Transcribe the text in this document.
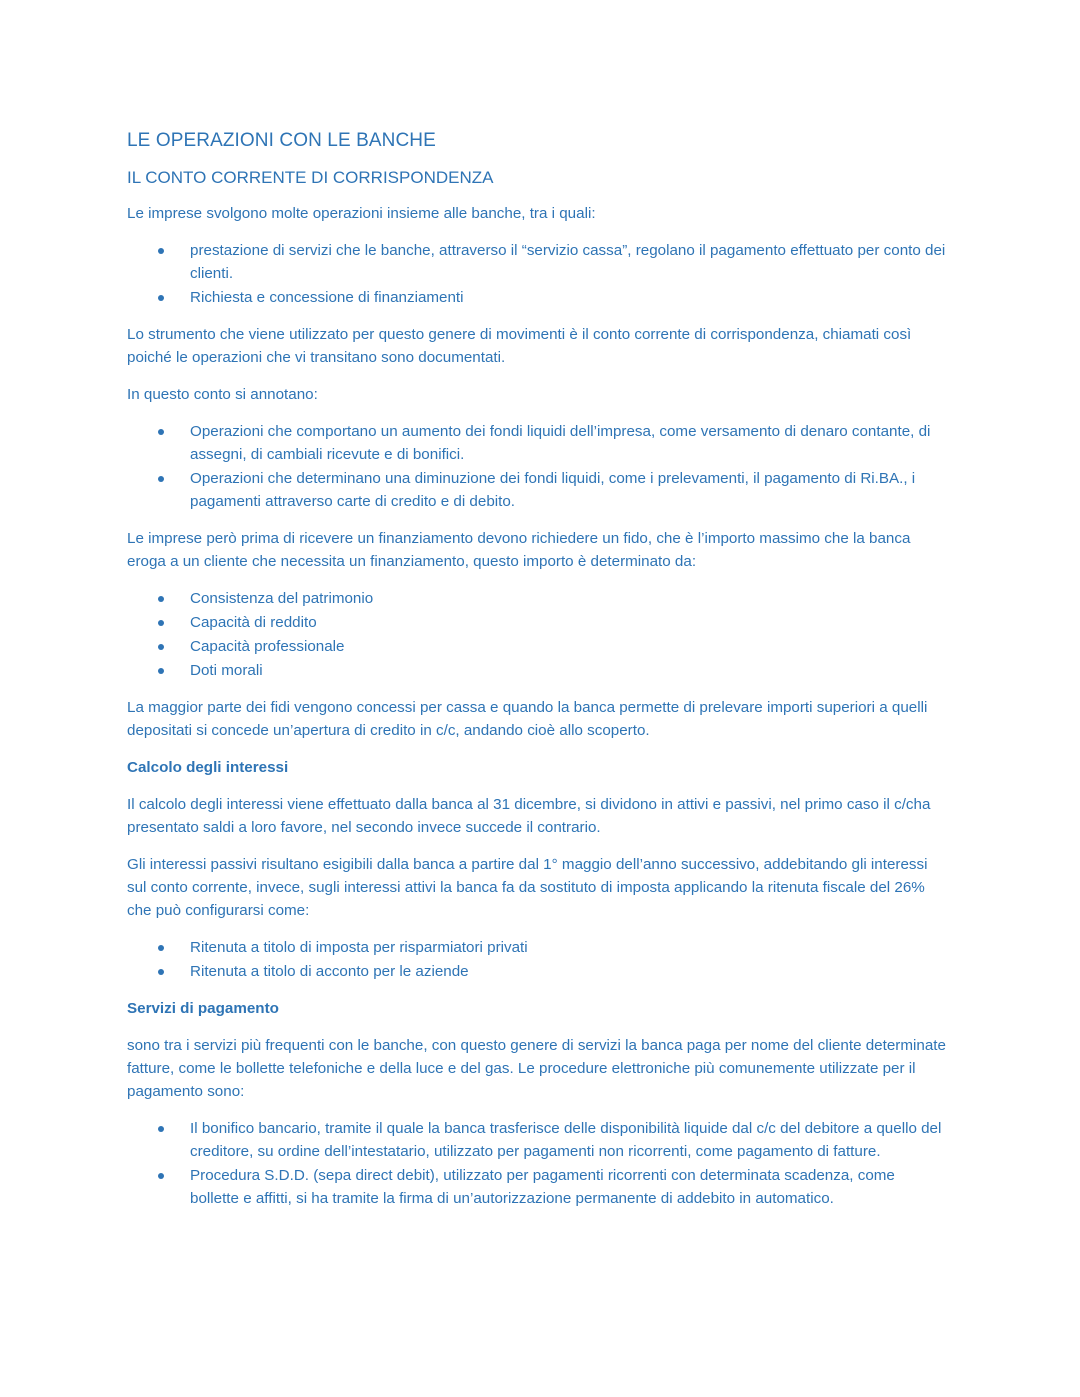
LE OPERAZIONI CON LE BANCHE
IL CONTO CORRENTE DI CORRISPONDENZA

Le imprese svolgono molte operazioni insieme alle banche, tra i quali:

prestazione di servizi che le banche, attraverso il “servizio cassa”, regolano il pagamento effettuato per conto dei clienti.
Richiesta e concessione di finanziamenti

Lo strumento che viene utilizzato per questo genere di movimenti è il conto corrente di corrispondenza, chiamati così poiché le operazioni che vi transitano sono documentati.

In questo conto si annotano:

Operazioni che comportano un aumento dei fondi liquidi dell’impresa, come versamento di denaro contante, di assegni, di cambiali ricevute e di bonifici.
Operazioni che determinano una diminuzione dei fondi liquidi, come i prelevamenti, il pagamento di Ri.BA., i pagamenti attraverso carte di credito e di debito.

Le imprese però prima di ricevere un finanziamento devono richiedere un fido, che è l’importo massimo che la banca eroga a un cliente che necessita un finanziamento, questo importo è determinato da:

Consistenza del patrimonio
Capacità di reddito
Capacità professionale
Doti morali

La maggior parte dei fidi vengono concessi per cassa e quando la banca permette di prelevare importi superiori a quelli depositati si concede un’apertura di credito in c/c, andando cioè allo scoperto.

Calcolo degli interessi

Il calcolo degli interessi viene effettuato dalla banca al 31 dicembre, si dividono in attivi e passivi, nel primo caso il c/cha presentato saldi a loro favore, nel secondo invece succede il contrario.

Gli interessi passivi risultano esigibili dalla banca a partire dal 1° maggio dell’anno successivo, addebitando gli interessi sul conto corrente, invece, sugli interessi attivi la banca fa da sostituto di imposta applicando la ritenuta fiscale del 26% che può configurarsi come:

Ritenuta a titolo di imposta per risparmiatori privati
Ritenuta a titolo di acconto per le aziende
Servizi di pagamento

sono tra i servizi più frequenti con le banche, con questo genere di servizi la banca paga per nome del cliente determinate fatture, come le bollette telefoniche e della luce e del gas. Le procedure elettroniche più comunemente utilizzate per il pagamento sono:

Il bonifico bancario, tramite il quale la banca trasferisce delle disponibilità liquide dal c/c del debitore a quello del creditore, su ordine dell’intestatario, utilizzato per pagamenti non ricorrenti, come pagamento di fatture.
Procedura S.D.D. (sepa direct debit), utilizzato per pagamenti ricorrenti con determinata scadenza, come bollette e affitti, si ha tramite la firma di un’autorizzazione permanente di addebito in automatico.
